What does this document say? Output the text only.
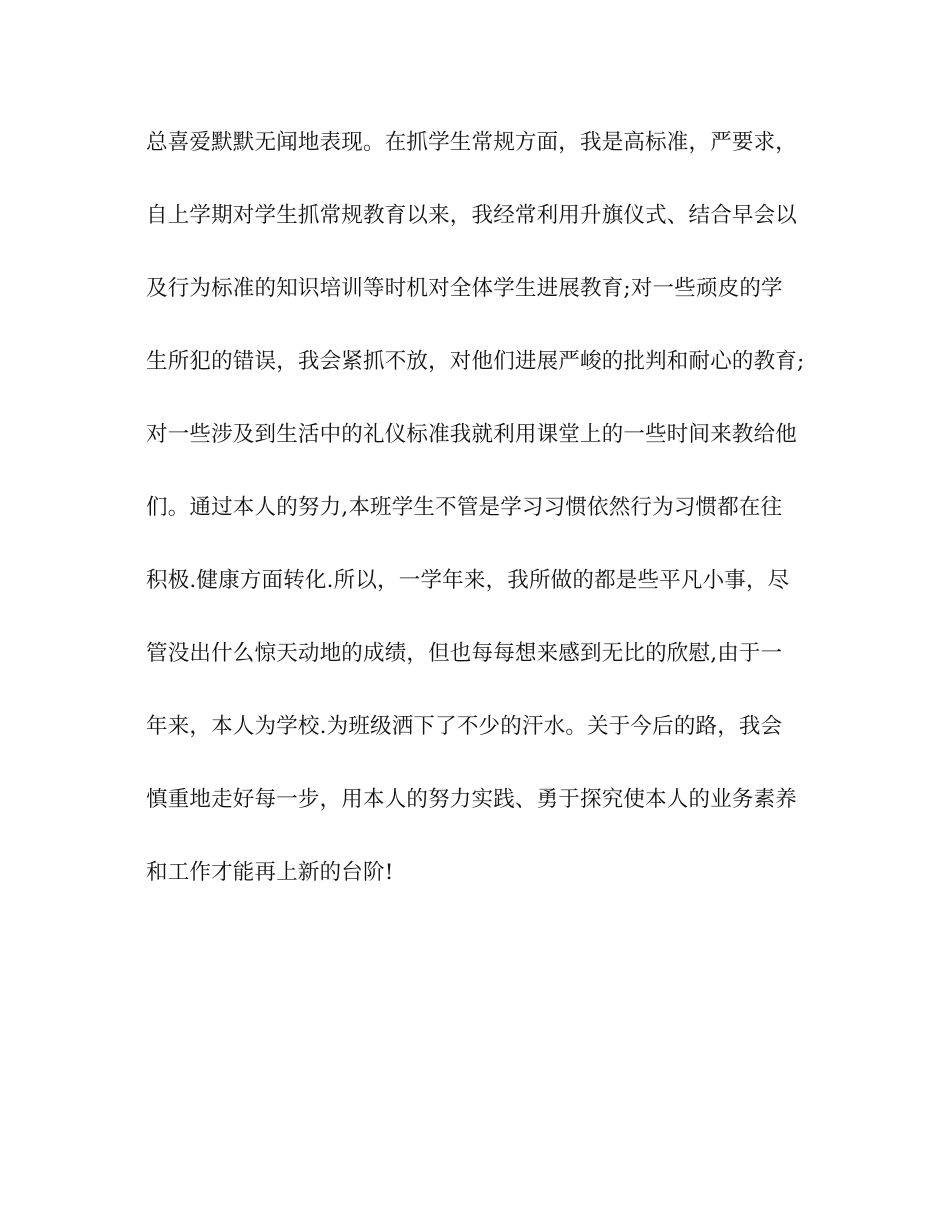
总喜爱默默无闻地表现。在抓学生常规方面，我是高标准，严要求，
自上学期对学生抓常规教育以来，我经常利用升旗仪式、结合早会以
及行为标准的知识培训等时机对全体学生进展教育;对一些顽皮的学
生所犯的错误，我会紧抓不放，对他们进展严峻的批判和耐心的教育;
对一些涉及到生活中的礼仪标准我就利用课堂上的一些时间来教给他
们。通过本人的努力,本班学生不管是学习习惯依然行为习惯都在往
积极.健康方面转化.所以，一学年来，我所做的都是些平凡小事，尽
管没出什么惊天动地的成绩，但也每每想来感到无比的欣慰,由于一
年来，本人为学校.为班级洒下了不少的汗水。关于今后的路，我会
慎重地走好每一步，用本人的努力实践、勇于探究使本人的业务素养
和工作才能再上新的台阶!
